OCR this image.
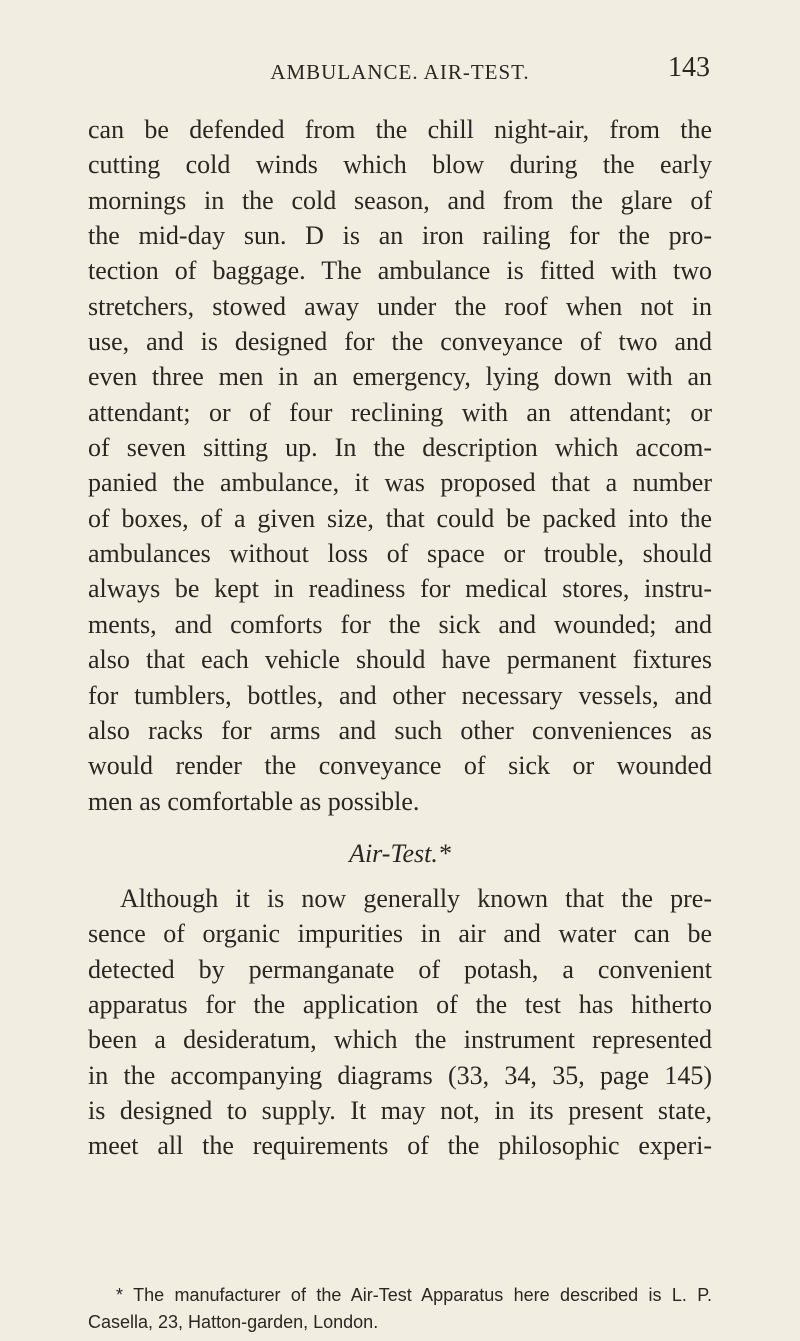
AMBULANCE. AIR-TEST.	143
can be defended from the chill night-air, from the
cutting cold winds which blow during the early
mornings in the cold season, and from the glare of
the mid-day sun. D is an iron railing for the pro-
tection of baggage. The ambulance is fitted with two
stretchers, stowed away under the roof when not in
use, and is designed for the conveyance of two and
even three men in an emergency, lying down with an
attendant; or of four reclining with an attendant; or
of seven sitting up. In the description which accom-
panied the ambulance, it was proposed that a number
of boxes, of a given size, that could be packed into the
ambulances without loss of space or trouble, should
always be kept in readiness for medical stores, instru-
ments, and comforts for the sick and wounded; and
also that each vehicle should have permanent fixtures
for tumblers, bottles, and other necessary vessels, and
also racks for arms and such other conveniences as
would render the conveyance of sick or wounded
men as comfortable as possible.
Air-Test.*
Although it is now generally known that the pre-
sence of organic impurities in air and water can be
detected by permanganate of potash, a convenient
apparatus for the application of the test has hitherto
been a desideratum, which the instrument represented
in the accompanying diagrams (33, 34, 35, page 145)
is designed to supply. It may not, in its present state,
meet all the requirements of the philosophic experi-
* The manufacturer of the Air-Test Apparatus here described is L. P.
Casella, 23, Hatton-garden, London.
